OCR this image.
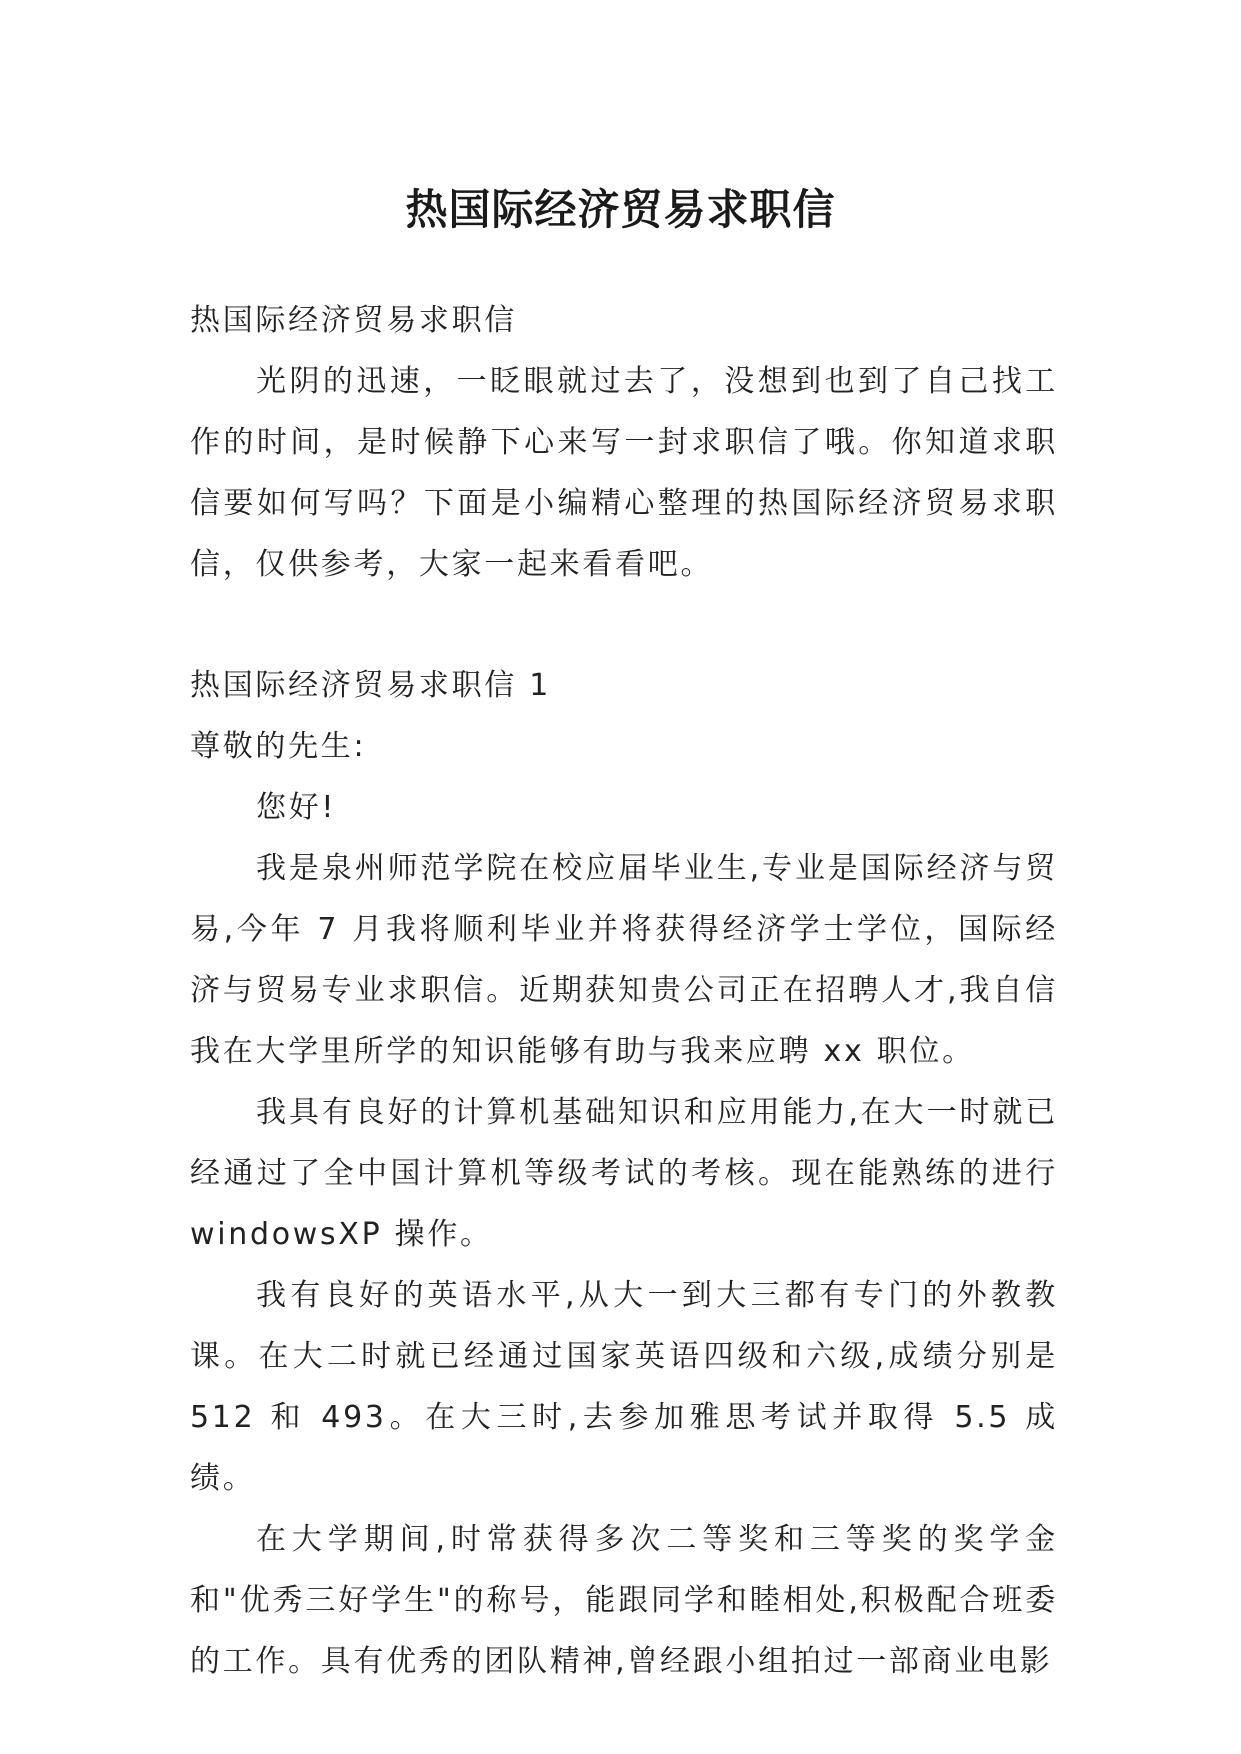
热国际经济贸易求职信

热国际经济贸易求职信

光阴的迅速，一眨眼就过去了，没想到也到了自己找工作的时间，是时候静下心来写一封求职信了哦。你知道求职信要如何写吗？下面是小编精心整理的热国际经济贸易求职信，仅供参考，大家一起来看看吧。

热国际经济贸易求职信 1

尊敬的先生:

您好!

我是泉州师范学院在校应届毕业生,专业是国际经济与贸易,今年 7 月我将顺利毕业并将获得经济学士学位，国际经济与贸易专业求职信。近期获知贵公司正在招聘人才,我自信我在大学里所学的知识能够有助与我来应聘 xx 职位。

我具有良好的计算机基础知识和应用能力,在大一时就已经通过了全中国计算机等级考试的考核。现在能熟练的进行 windowsXP 操作。

我有良好的英语水平,从大一到大三都有专门的外教教课。在大二时就已经通过国家英语四级和六级,成绩分别是 512 和 493。在大三时,去参加雅思考试并取得 5.5 成绩。

在大学期间,时常获得多次二等奖和三等奖的奖学金和"优秀三好学生"的称号，能跟同学和睦相处,积极配合班委的工作。具有优秀的团队精神,曾经跟小组拍过一部商业电影
